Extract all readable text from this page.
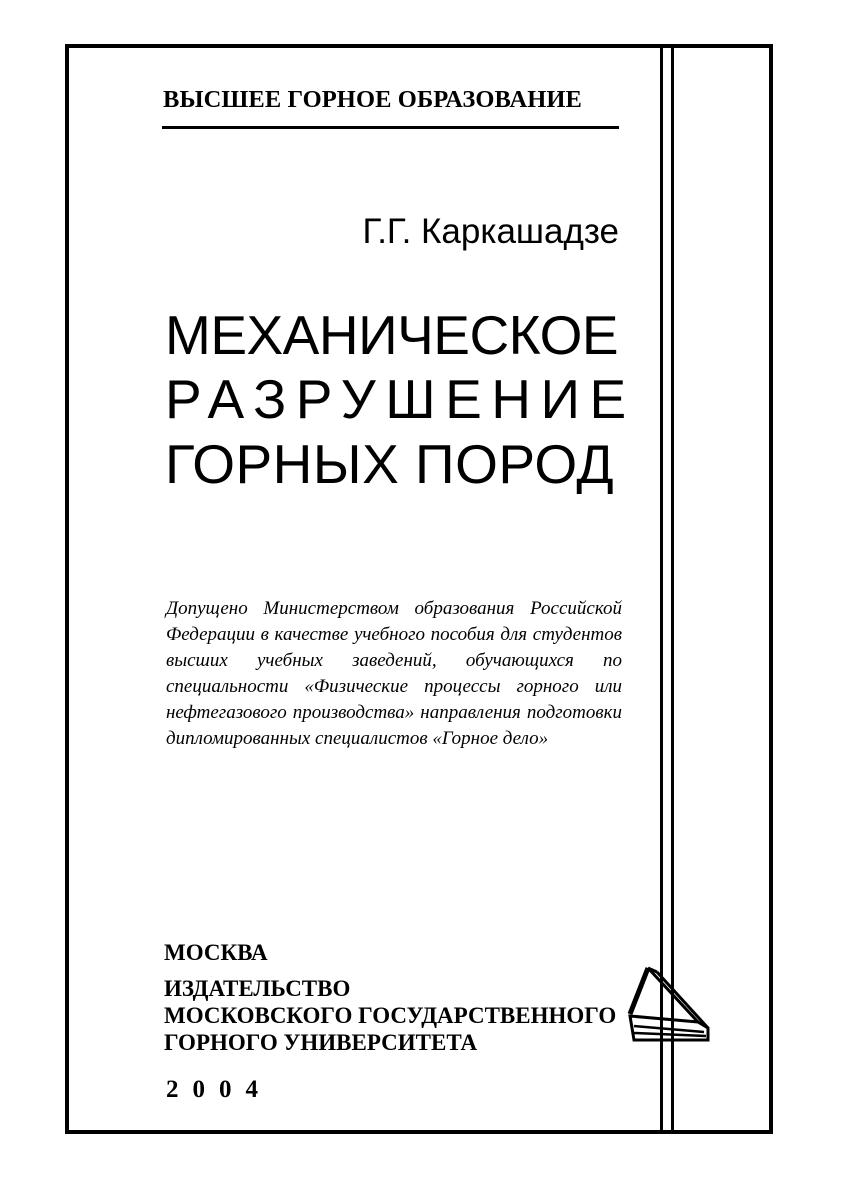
ВЫСШЕЕ ГОРНОЕ ОБРАЗОВАНИЕ
Г.Г. Каркашадзе
МЕХАНИЧЕСКОЕ
РАЗРУШЕНИЕ
ГОРНЫХ ПОРОД
Допущено Министерством образования Российской Федерации в качестве учебного пособия для студентов высших учебных заведений, обучающихся по специальности «Физические процессы горного или нефтегазового производства» направления подготовки дипломированных специалистов «Горное дело»
МОСКВА
ИЗДАТЕЛЬСТВО
МОСКОВСКОГО ГОСУДАРСТВЕННОГО
ГОРНОГО УНИВЕРСИТЕТА
2004
